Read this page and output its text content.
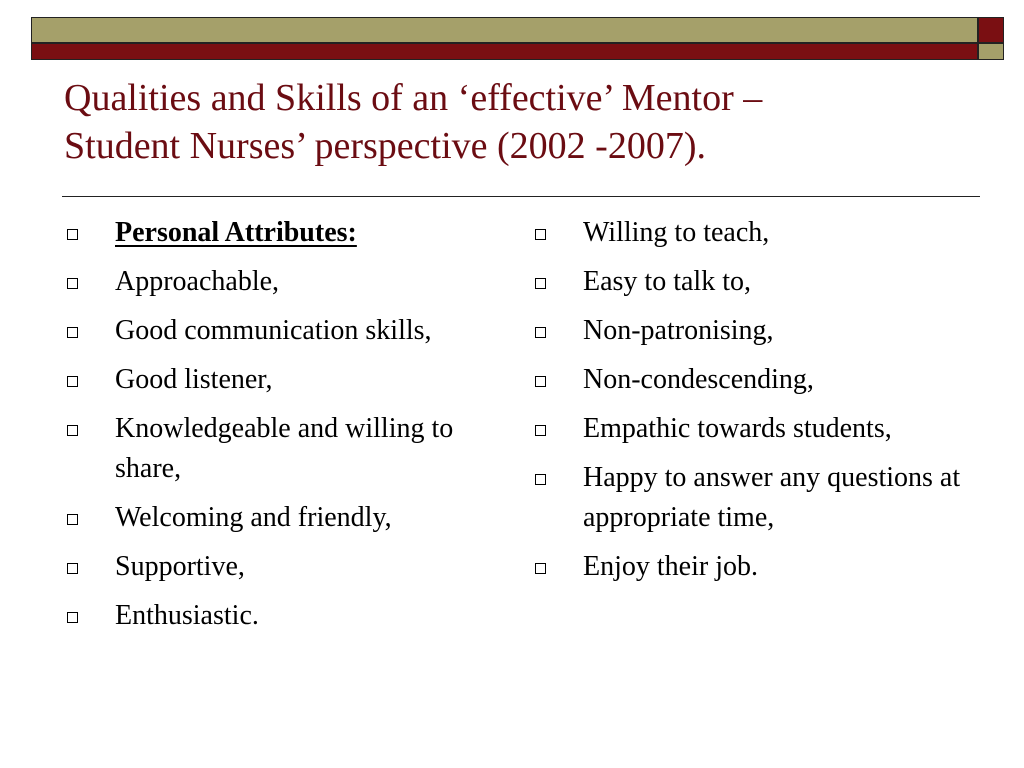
Qualities and Skills of an ‘effective’ Mentor –
Student Nurses’ perspective (2002 -2007).
Personal Attributes:
Approachable,
Good communication skills,
Good listener,
Knowledgeable and willing to share,
Welcoming and friendly,
Supportive,
Enthusiastic.
Willing to teach,
Easy to talk to,
Non-patronising,
Non-condescending,
Empathic towards students,
Happy to answer any questions at appropriate time,
Enjoy their job.
